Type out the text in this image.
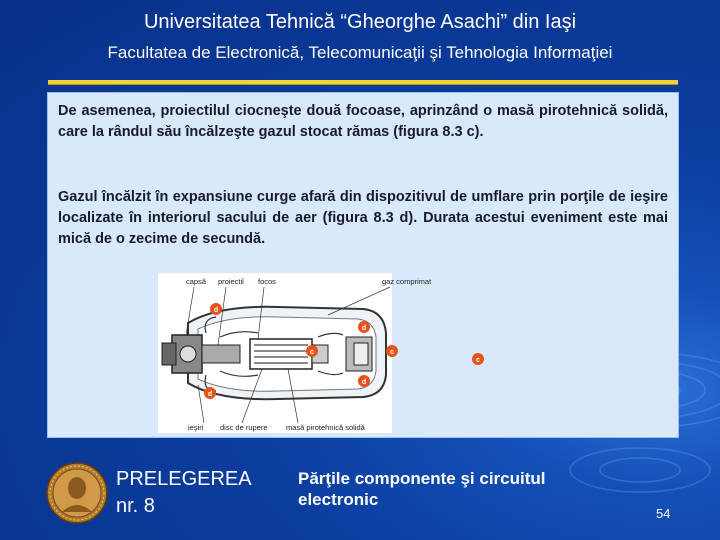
Universitatea Tehnică “Gheorghe Asachi” din Iaşi
Facultatea de Electronică, Telecomunicaţii şi Tehnologia Informaţiei

De asemenea, proiectilul ciocneşte două focoase, aprinzând o masă pirotehnică solidă, care la rândul său încălzeşte gazul stocat rămas (figura 8.3 c).

Gazul încălzit în expansiune curge afară din dispozitivul de umflare prin porţile de ieşire localizate în interiorul sacului de aer (figura 8.3 d). Durata acestui eveniment este mai mică de o zecime de secundă.

capsă proiectil focos	gaz comprimat
ieşiri disc de rupere masă pirotehnică solidă
d
d
d
d
c	c
c
PRELEGEREA
nr. 8
Părţile componente şi circuitul electronic
54
